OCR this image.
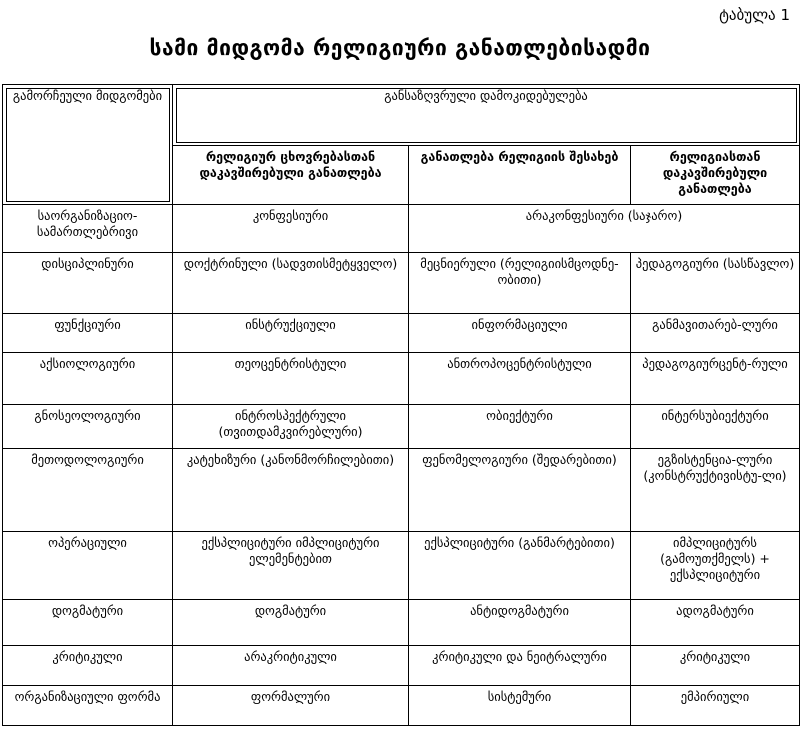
ტაბულა 1
სამი მიდგომა რელიგიური განათლებისადმი
გამორჩეული მიდგომები	განსაზღვრული დამოკიდებულება		
	რელიგიურ ცხოვრებასთან დაკავშირებული განათლება	განათლება რელიგიის შესახებ	რელიგიასთან დაკავშირებული განათლება
საორგანიზაციო-სამართლებრივი	კონფესიური	არაკონფესიური (საჯარო)	
დისციპლინური	დოქტრინული (სადვთისმეტყველო)	მეცნიერული (რელიგიისმცოდნე-ობითი)	პედაგოგიური (სასწავლო)
ფუნქციური	ინსტრუქციული	ინფორმაციული	განმავითარებ-ლური
აქსიოლოგიური	თეოცენტრისტული	ანთროპოცენტრისტული	პედაგოგიურცენტ-რული
გნოსეოლოგიური	ინტროსპექტრული (თვითდამკვირებლური)	ობიექტური	ინტერსუბიექტური
მეთოდოლოგიური	კატეხიზური (კანონმორჩილებითი)	ფენომელოგიური (შედარებითი)	ეგზისტენცია-ლური (კონსტრუქტივისტუ-ლი)
ოპერაციული	ექსპლიციტური იმპლიციტური ელემენტებით	ექსპლიციტური (განმარტებითი)	იმპლიციტურს (გამოუთქმელს) + ექსპლიციტური
დოგმატური	დოგმატური	ანტიდოგმატური	ადოგმატური
კრიტიკული	არაკრიტიკული	კრიტიკული და ნეიტრალური	კრიტიკული
ორგანიზაციული ფორმა	ფორმალური	სისტემური	ემპირიული
